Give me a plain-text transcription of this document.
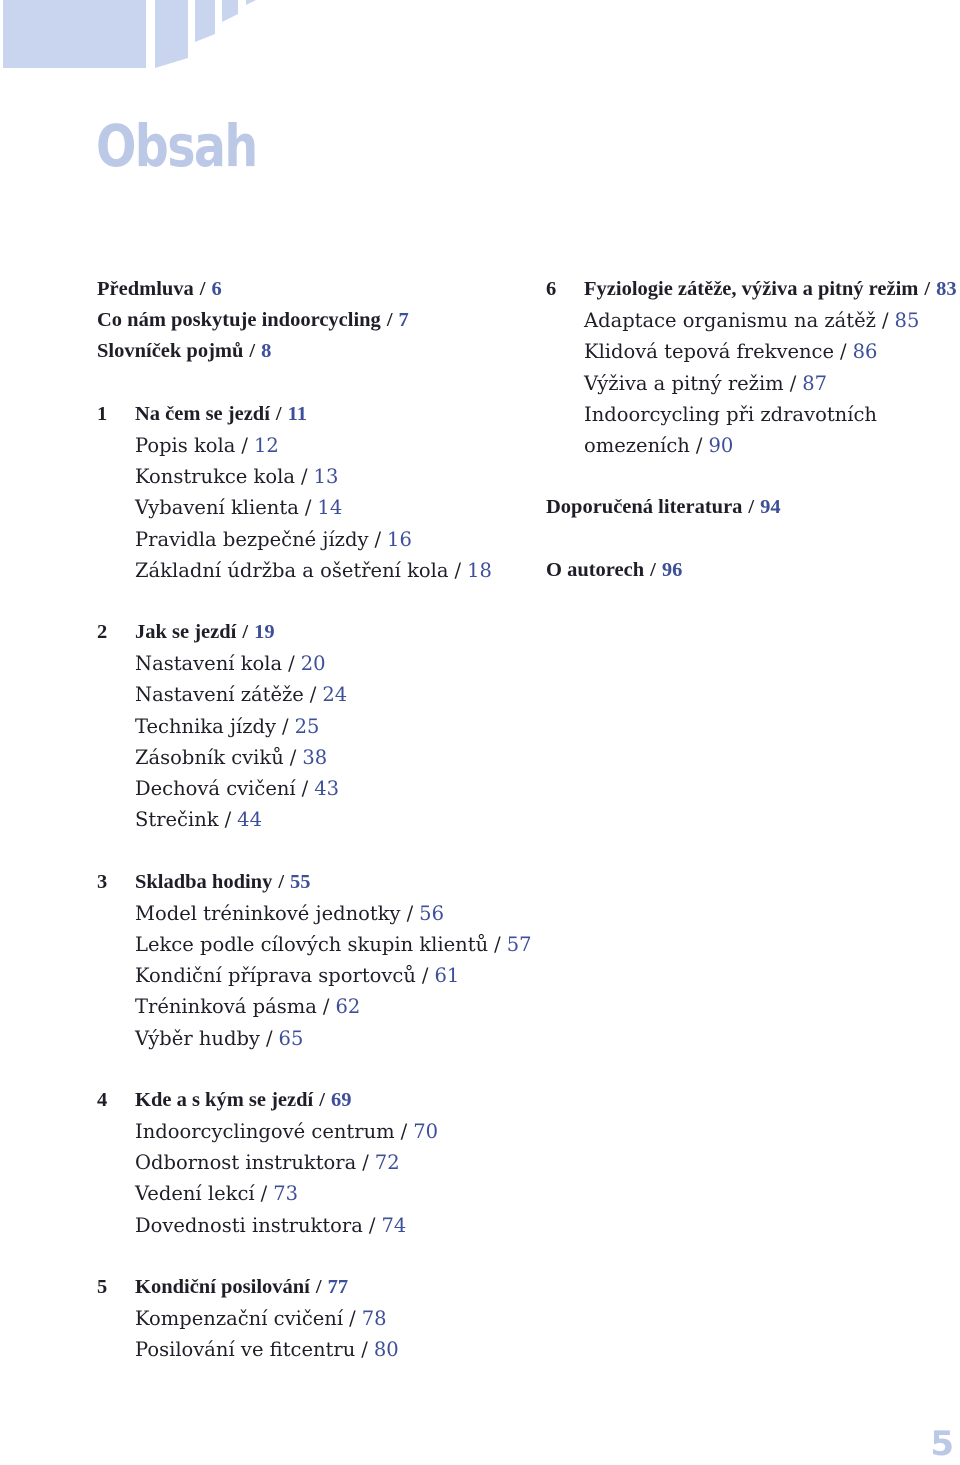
Obsah
Předmluva / 6
Co nám poskytuje indoorcycling / 7
Slovníček pojmů / 8
1 Na čem se jezdí / 11
Popis kola / 12
Konstrukce kola / 13
Vybavení klienta / 14
Pravidla bezpečné jízdy / 16
Základní údržba a ošetření kola / 18
2 Jak se jezdí / 19
Nastavení kola / 20
Nastavení zátěže / 24
Technika jízdy / 25
Zásobník cviků / 38
Dechová cvičení / 43
Strečink / 44
3 Skladba hodiny / 55
Model tréninkové jednotky / 56
Lekce podle cílových skupin klientů / 57
Kondiční příprava sportovců / 61
Tréninková pásma / 62
Výběr hudby / 65
4 Kde a s kým se jezdí / 69
Indoorcyclingové centrum / 70
Odbornost instruktora / 72
Vedení lekcí / 73
Dovednosti instruktora / 74
5 Kondiční posilování / 77
Kompenzační cvičení / 78
Posilování ve fitcentru / 80
6 Fyziologie zátěže, výživa a pitný režim / 83
Adaptace organismu na zátěž / 85
Klidová tepová frekvence / 86
Výživa a pitný režim / 87
Indoorcycling při zdravotních
omezeních / 90
Doporučená literatura / 94
O autorech / 96
5
